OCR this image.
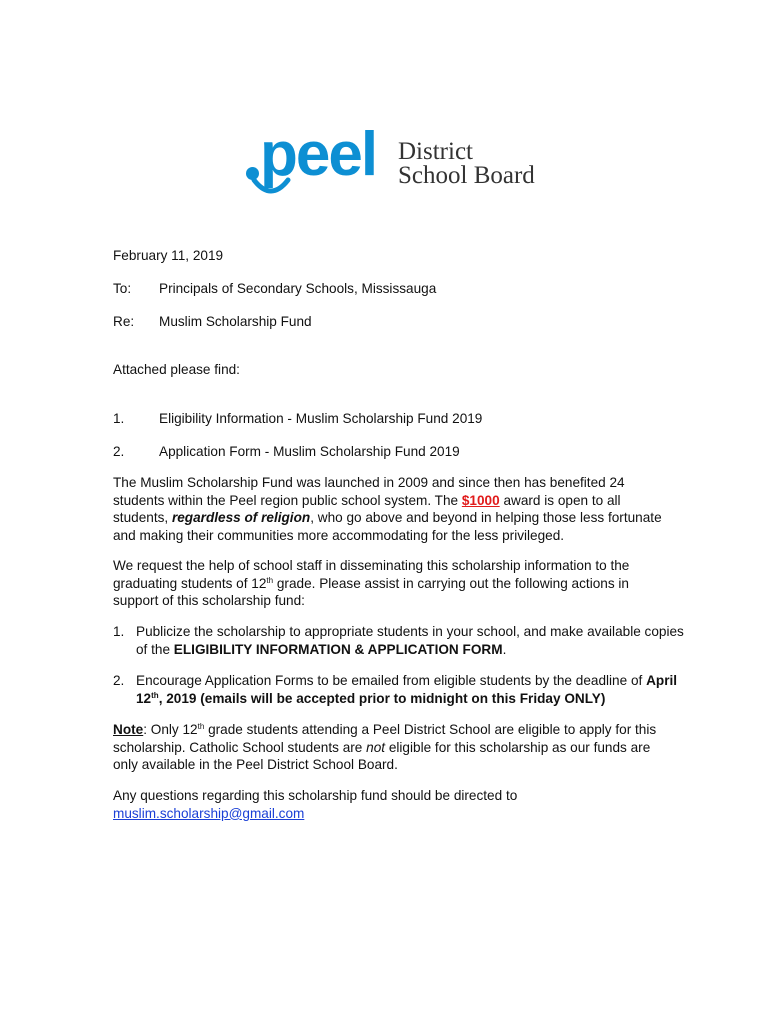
peel District
School Board
February 11, 2019
To: Principals of Secondary Schools, Mississauga
Re: Muslim Scholarship Fund
Attached please find:
1.	Eligibility Information - Muslim Scholarship Fund 2019
2.	Application Form - Muslim Scholarship Fund 2019

The Muslim Scholarship Fund was launched in 2009 and since then has benefited 24 students within the Peel region public school system. The $1000 award is open to all students, regardless of religion, who go above and beyond in helping those less fortunate and making their communities more accommodating for the less privileged.

We request the help of school staff in disseminating this scholarship information to the graduating students of 12th grade. Please assist in carrying out the following actions in support of this scholarship fund:

1. Publicize the scholarship to appropriate students in your school, and make available copies of the ELIGIBILITY INFORMATION & APPLICATION FORM.

2. Encourage Application Forms to be emailed from eligible students by the deadline of April 12th, 2019 (emails will be accepted prior to midnight on this Friday ONLY)

Note: Only 12th grade students attending a Peel District School are eligible to apply for this scholarship. Catholic School students are not eligible for this scholarship as our funds are only available in the Peel District School Board.

Any questions regarding this scholarship fund should be directed to
muslim.scholarship@gmail.com
